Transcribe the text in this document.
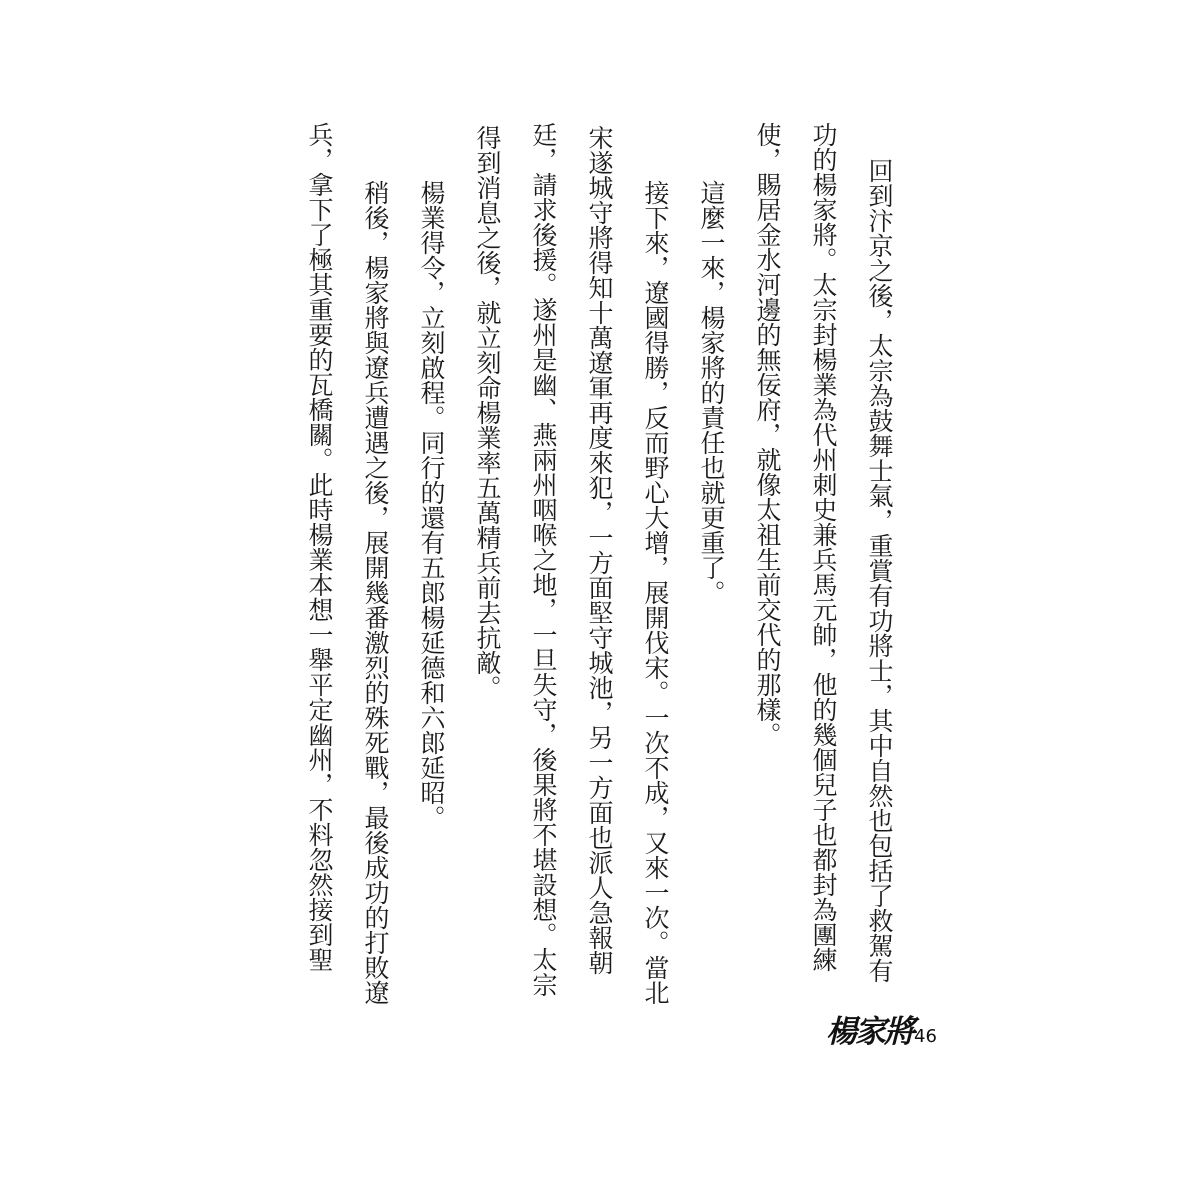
回到汴京之後，太宗為鼓舞士氣，重賞有功將士，其中自然也包括了救駕有
功的楊家將。太宗封楊業為代州刺史兼兵馬元帥，他的幾個兒子也都封為團練
使，賜居金水河邊的無佞府，就像太祖生前交代的那樣。
這麼一來，楊家將的責任也就更重了。
接下來，遼國得勝，反而野心大增，展開伐宋。一次不成，又來一次。當北
宋遂城守將得知十萬遼軍再度來犯，一方面堅守城池，另一方面也派人急報朝
廷，請求後援。遂州是幽、燕兩州咽喉之地，一旦失守，後果將不堪設想。太宗
得到消息之後，就立刻命楊業率五萬精兵前去抗敵。
楊業得令，立刻啟程。同行的還有五郎楊延德和六郎延昭。
稍後，楊家將與遼兵遭遇之後，展開幾番激烈的殊死戰，最後成功的打敗遼
兵，拿下了極其重要的瓦橋關。此時楊業本想一舉平定幽州，不料忽然接到聖
楊家將 46
